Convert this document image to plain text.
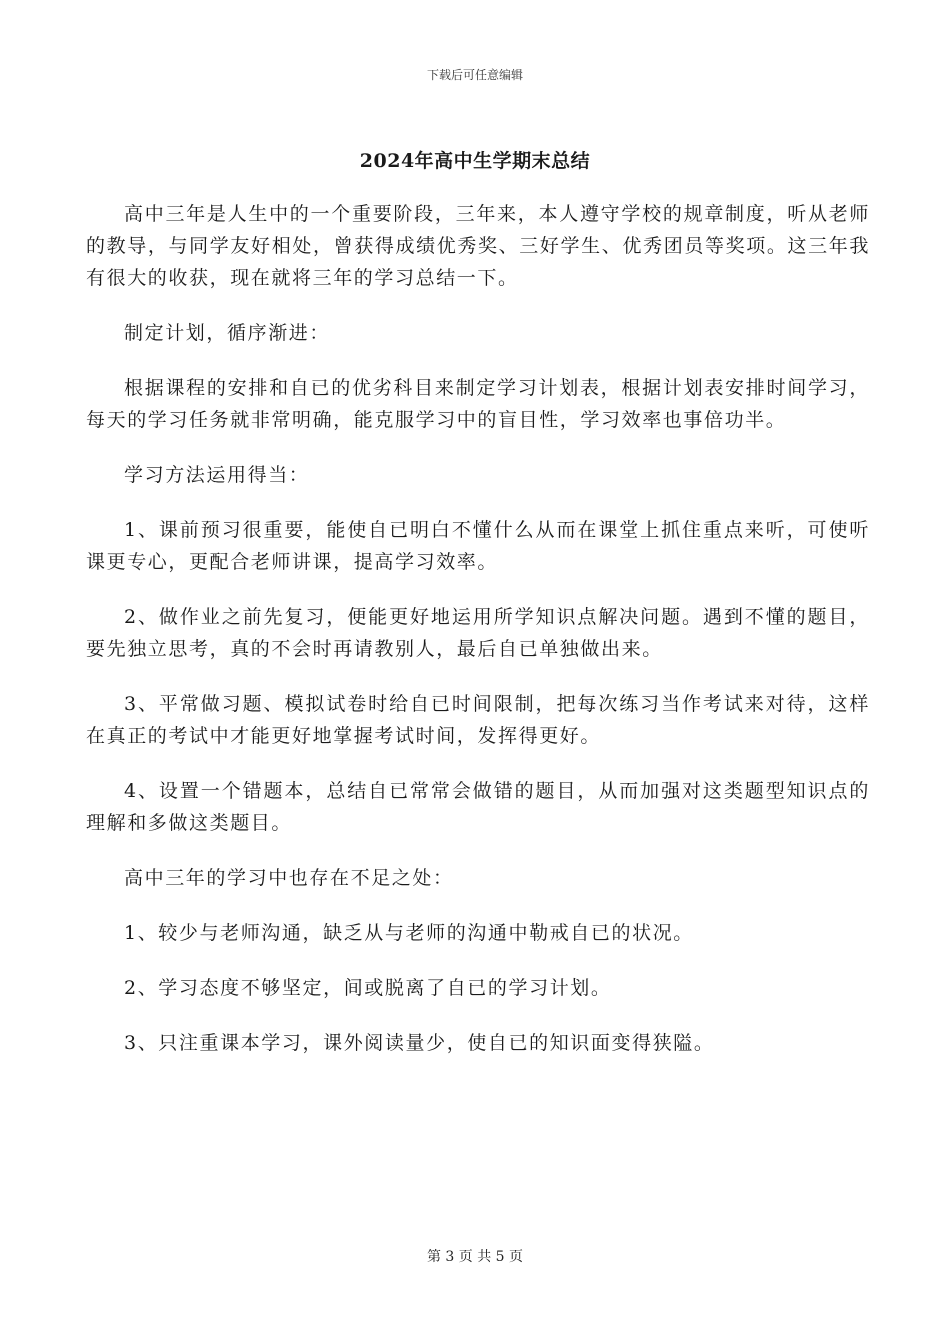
下载后可任意编辑
2024年高中生学期末总结

高中三年是人生中的一个重要阶段，三年来，本人遵守学校的规章制度，听从老师的教导，与同学友好相处，曾获得成绩优秀奖、三好学生、优秀团员等奖项。这三年我有很大的收获，现在就将三年的学习总结一下。

制定计划，循序渐进：

根据课程的安排和自已的优劣科目来制定学习计划表，根据计划表安排时间学习，每天的学习任务就非常明确，能克服学习中的盲目性，学习效率也事倍功半。

学习方法运用得当：

1、课前预习很重要，能使自已明白不懂什么从而在课堂上抓住重点来听，可使听课更专心，更配合老师讲课，提高学习效率。

2、做作业之前先复习，便能更好地运用所学知识点解决问题。遇到不懂的题目，要先独立思考，真的不会时再请教别人，最后自已单独做出来。

3、平常做习题、模拟试卷时给自已时间限制，把每次练习当作考试来对待，这样在真正的考试中才能更好地掌握考试时间，发挥得更好。

4、设置一个错题本，总结自已常常会做错的题目，从而加强对这类题型知识点的理解和多做这类题目。

高中三年的学习中也存在不足之处：

1、较少与老师沟通，缺乏从与老师的沟通中勒戒自已的状况。

2、学习态度不够坚定，间或脱离了自已的学习计划。

3、只注重课本学习，课外阅读量少，使自已的知识面变得狭隘。

第 3 页 共 5 页
